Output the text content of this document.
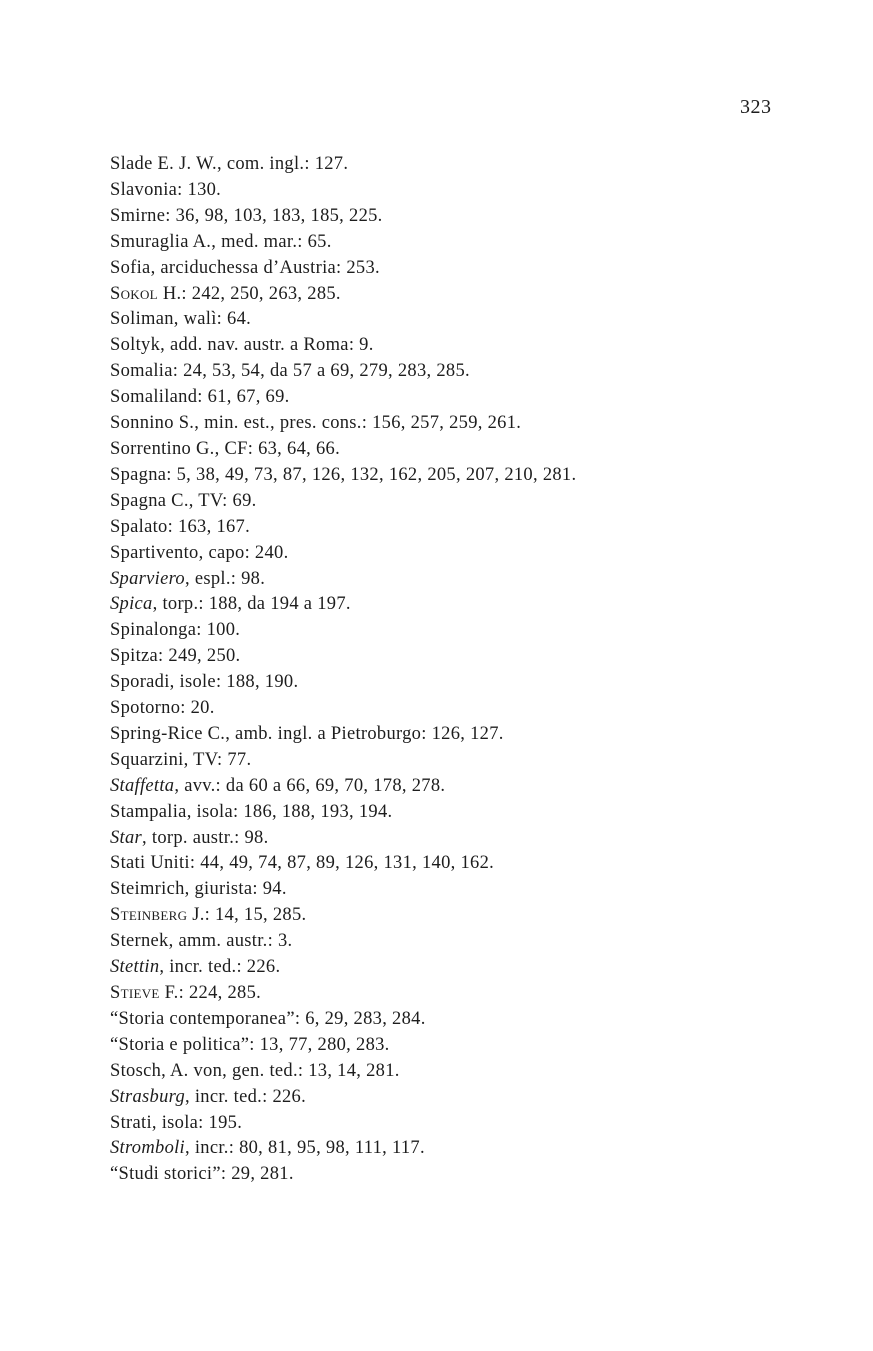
323
Slade E. J. W., com. ingl.: 127.
Slavonia: 130.
Smirne: 36, 98, 103, 183, 185, 225.
Smuraglia A., med. mar.: 65.
Sofia, arciduchessa d’Austria: 253.
Sokol H.: 242, 250, 263, 285.
Soliman, walì: 64.
Soltyk, add. nav. austr. a Roma: 9.
Somalia: 24, 53, 54, da 57 a 69, 279, 283, 285.
Somaliland: 61, 67, 69.
Sonnino S., min. est., pres. cons.: 156, 257, 259, 261.
Sorrentino G., CF: 63, 64, 66.
Spagna: 5, 38, 49, 73, 87, 126, 132, 162, 205, 207, 210, 281.
Spagna C., TV: 69.
Spalato: 163, 167.
Spartivento, capo: 240.
Sparviero, espl.: 98.
Spica, torp.: 188, da 194 a 197.
Spinalonga: 100.
Spitza: 249, 250.
Sporadi, isole: 188, 190.
Spotorno: 20.
Spring-Rice C., amb. ingl. a Pietroburgo: 126, 127.
Squarzini, TV: 77.
Staffetta, avv.: da 60 a 66, 69, 70, 178, 278.
Stampalia, isola: 186, 188, 193, 194.
Star, torp. austr.: 98.
Stati Uniti: 44, 49, 74, 87, 89, 126, 131, 140, 162.
Steimrich, giurista: 94.
Steinberg J.: 14, 15, 285.
Sternek, amm. austr.: 3.
Stettin, incr. ted.: 226.
Stieve F.: 224, 285.
“Storia contemporanea”: 6, 29, 283, 284.
“Storia e politica”: 13, 77, 280, 283.
Stosch, A. von, gen. ted.: 13, 14, 281.
Strasburg, incr. ted.: 226.
Strati, isola: 195.
Stromboli, incr.: 80, 81, 95, 98, 111, 117.
“Studi storici”: 29, 281.
